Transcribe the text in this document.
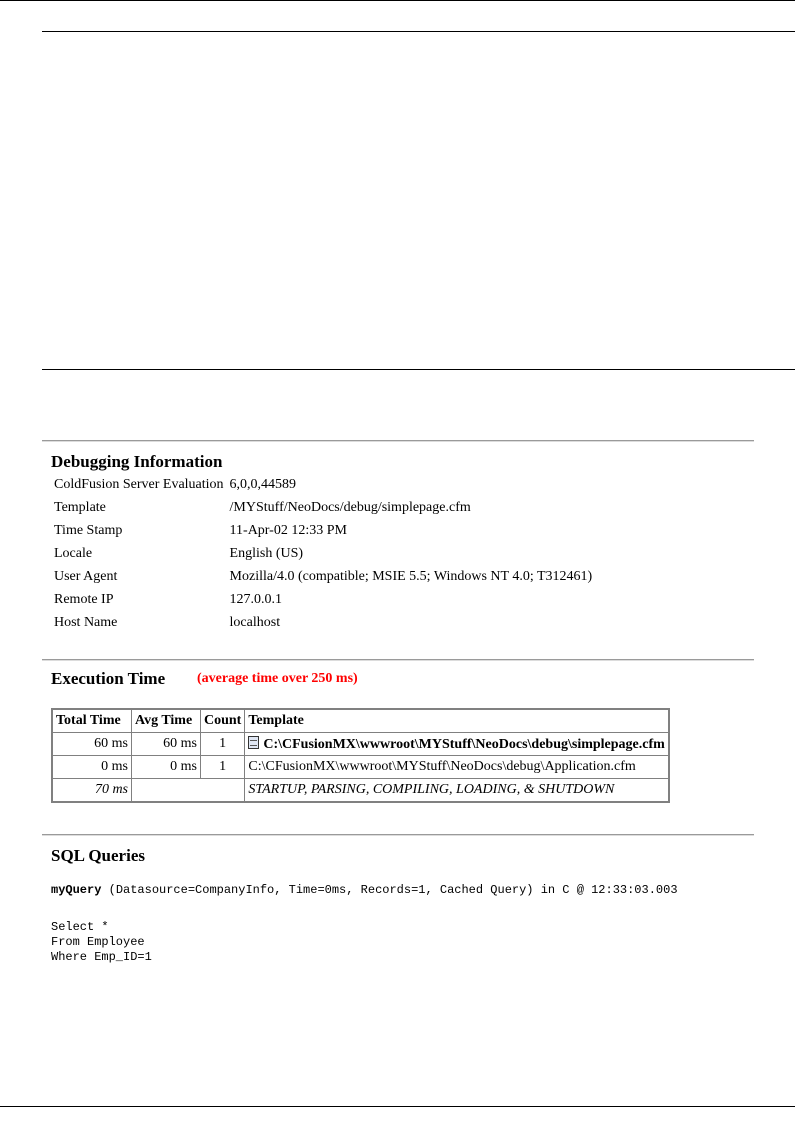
Debugging Information
ColdFusion Server Evaluation	6,0,0,44589
Template	/MYStuff/NeoDocs/debug/simplepage.cfm
Time Stamp	11-Apr-02 12:33 PM
Locale	English (US)
User Agent	Mozilla/4.0 (compatible; MSIE 5.5; Windows NT 4.0; T312461)
Remote IP	127.0.0.1
Host Name	localhost
Execution Time (average time over 250 ms)
Total Time	Avg Time	Count	Template
60 ms	60 ms	1	C:\CFusionMX\wwwroot\MYStuff\NeoDocs\debug\simplepage.cfm
0 ms	0 ms	1	C:\CFusionMX\wwwroot\MYStuff\NeoDocs\debug\Application.cfm
70 ms			STARTUP, PARSING, COMPILING, LOADING, & SHUTDOWN
SQL Queries
myQuery (Datasource=CompanyInfo, Time=0ms, Records=1, Cached Query) in C @ 12:33:03.003
Select *
From Employee
Where Emp_ID=1
